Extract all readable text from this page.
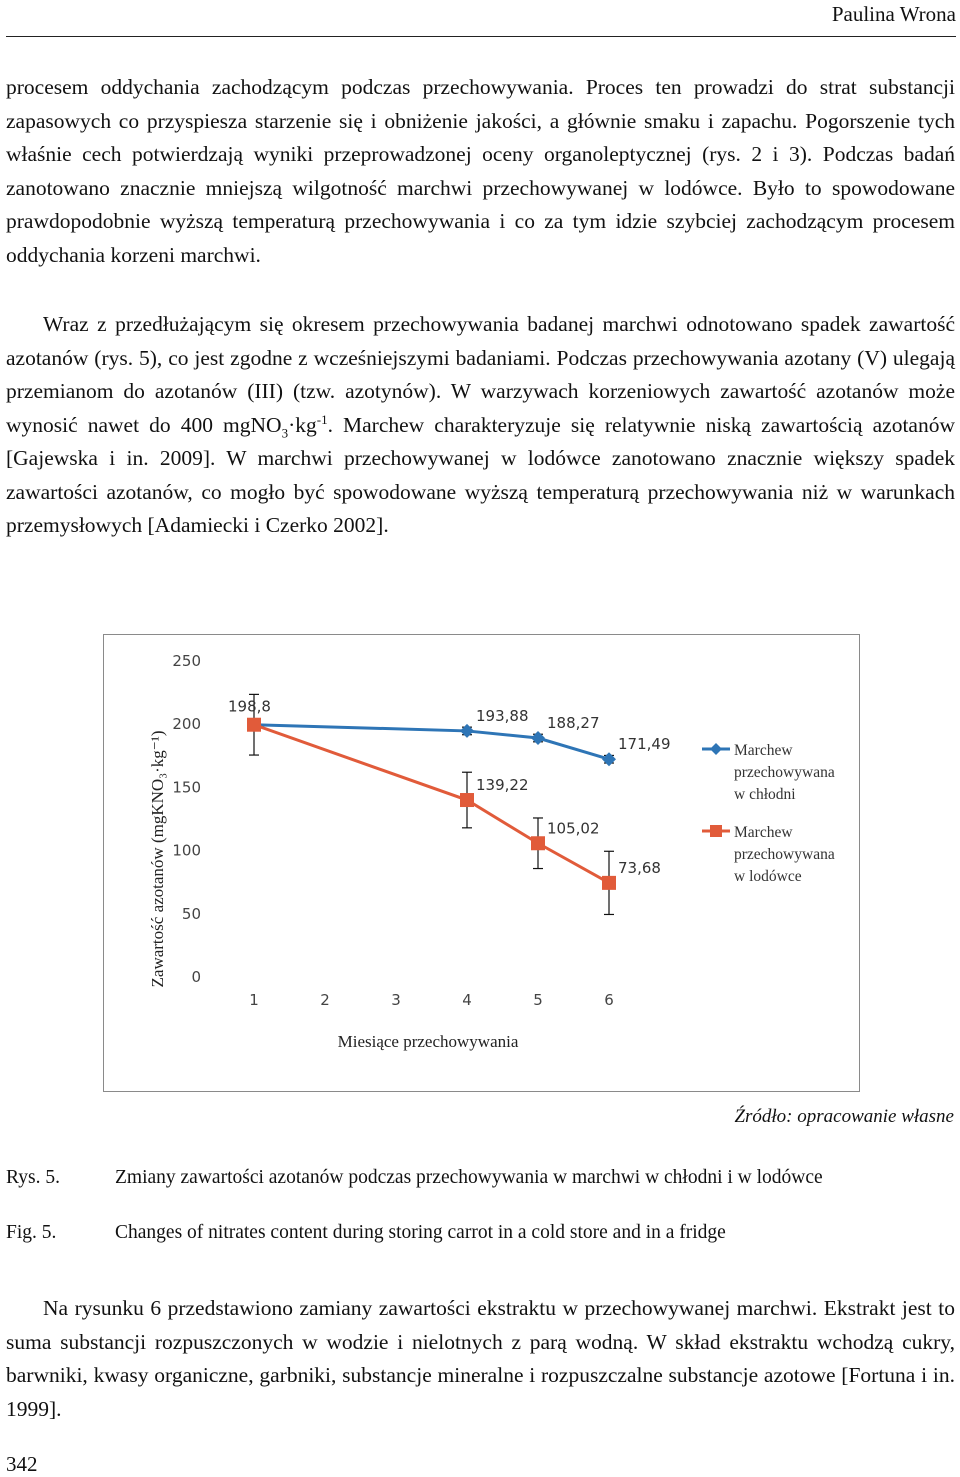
Paulina Wrona

procesem oddychania zachodzącym podczas przechowywania. Proces ten prowadzi do strat substancji zapasowych co przyspiesza starzenie się i obniżenie jakości, a głównie smaku i zapachu. Pogorszenie tych właśnie cech potwierdzają wyniki przeprowadzonej oceny organoleptycznej (rys. 2 i 3). Podczas badań zanotowano znacznie mniejszą wilgotność marchwi przechowywanej w lodówce. Było to spowodowane prawdopodobnie wyższą temperaturą przechowywania i co za tym idzie szybciej zachodzącym procesem oddychania korzeni marchwi.

Wraz z przedłużającym się okresem przechowywania badanej marchwi odnotowano spadek zawartość azotanów (rys. 5), co jest zgodne z wcześniejszymi badaniami. Podczas przechowywania azotany (V) ulegają przemianom do azotanów (III) (tzw. azotynów). W warzywach korzeniowych zawartość azotanów może wynosić nawet do 400 $mgNO_3\cdot kg^{-1}$. Marchew charakteryzuje się relatywnie niską zawartością azotanów [Gajewska i in. 2009]. W marchwi przechowywanej w lodówce zanotowano znacznie większy spadek zawartości azotanów, co mogło być spowodowane wyższą temperaturą przechowywania niż w warunkach przemysłowych [Adamiecki i Czerko 2002].

0
50
100
150
200
250
1	2	3	4	5	6
Zawartość azotanów (mgKNO₃·kg⁻¹)
Miesiące przechowywania
193,88 188,27
171,49
198,8
139,22
105,02
73,68
Marchew
przechowywana
w chłodni
Marchew
przechowywana
w lodówce
Źródło: opracowanie własne
Rys. 5.	Zmiany zawartości azotanów podczas przechowywania w marchwi w chłodni i w lodówce
Fig. 5.	Changes of nitrates content during storing carrot in a cold store and in a fridge

Na rysunku 6 przedstawiono zamiany zawartości ekstraktu w przechowywanej marchwi. Ekstrakt jest to suma substancji rozpuszczonych w wodzie i nielotnych z parą wodną. W skład ekstraktu wchodzą cukry, barwniki, kwasy organiczne, garbniki, substancje mineralne i rozpuszczalne substancje azotowe [Fortuna i in. 1999].

342
